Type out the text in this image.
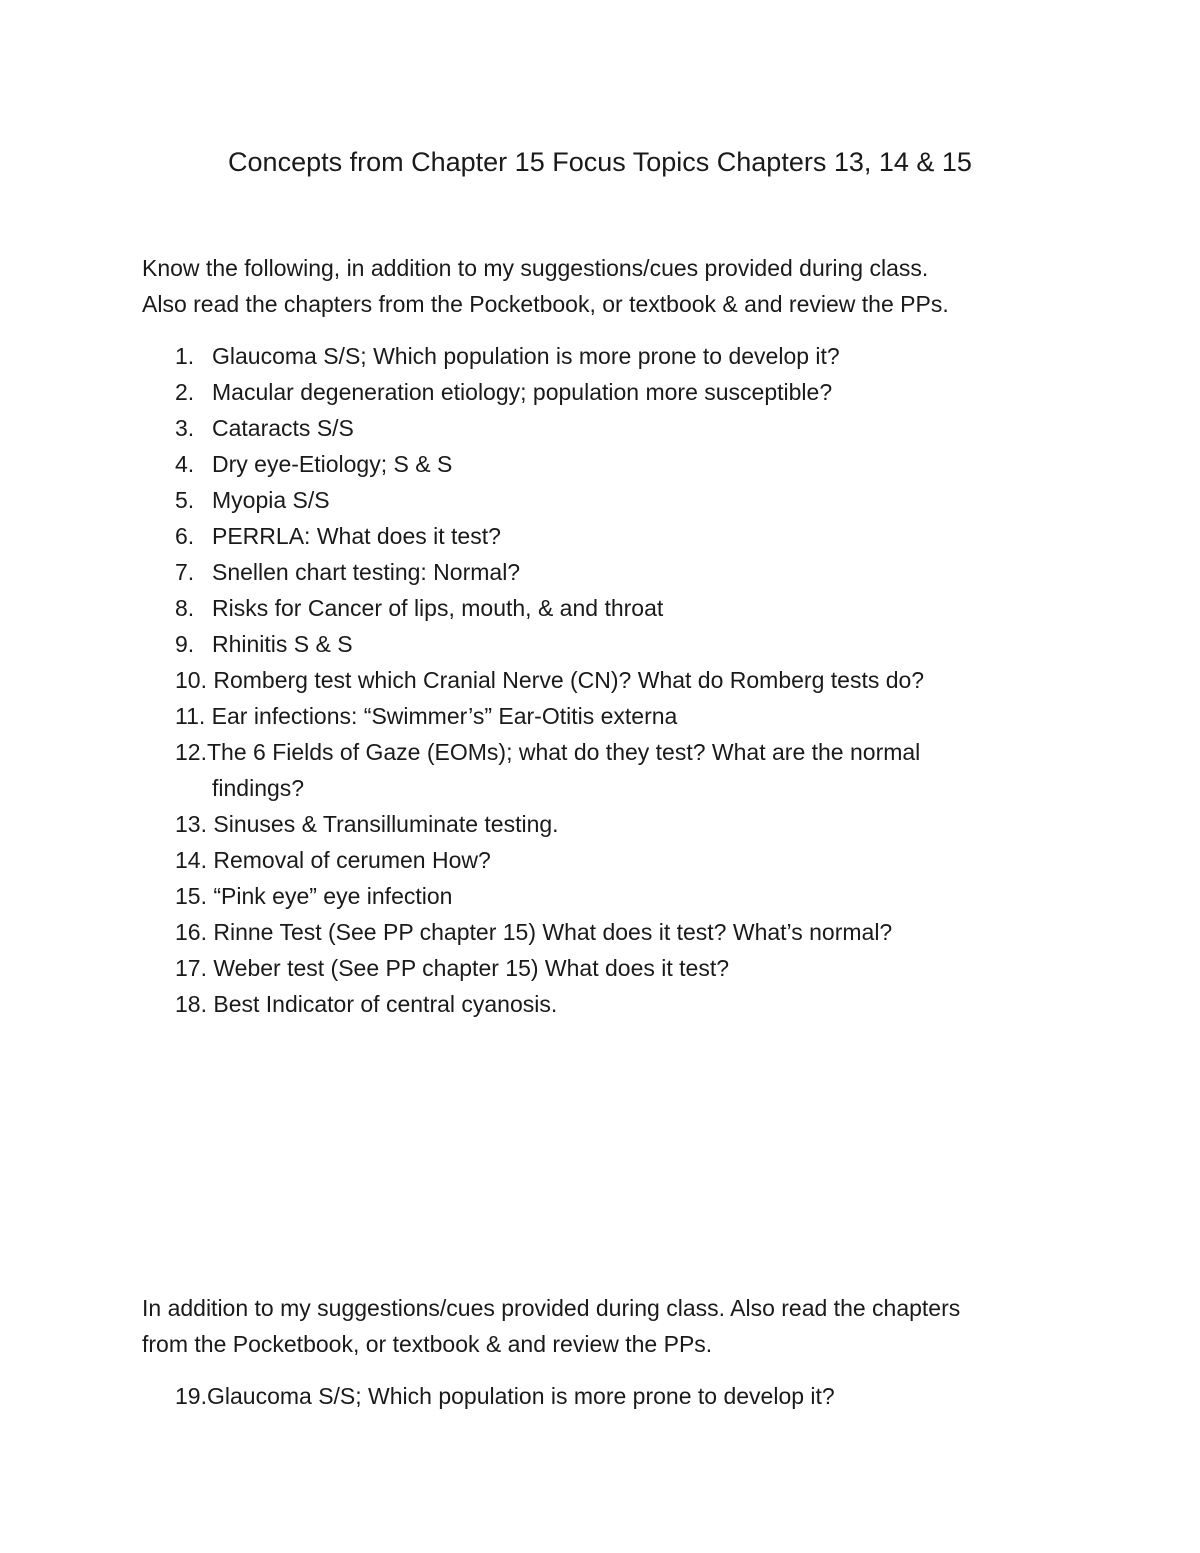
Concepts from Chapter 15 Focus Topics Chapters 13, 14 & 15

Know the following, in addition to my suggestions/cues provided during class.
Also read the chapters from the Pocketbook, or textbook & and review the PPs.

1. Glaucoma S/S; Which population is more prone to develop it?
2. Macular degeneration etiology; population more susceptible?
3. Cataracts S/S
4. Dry eye-Etiology; S & S
5. Myopia S/S
6. PERRLA: What does it test?
7. Snellen chart testing: Normal?
8. Risks for Cancer of lips, mouth, & and throat
9. Rhinitis S & S
10. Romberg test which Cranial Nerve (CN)? What do Romberg tests do?
11. Ear infections: “Swimmer’s” Ear-Otitis externa
12.The 6 Fields of Gaze (EOMs); what do they test? What are the normal
findings?
13. Sinuses & Transilluminate testing.
14. Removal of cerumen How?
15. “Pink eye” eye infection
16. Rinne Test (See PP chapter 15) What does it test? What’s normal?
17. Weber test (See PP chapter 15) What does it test?
18. Best Indicator of central cyanosis.

In addition to my suggestions/cues provided during class. Also read the chapters
from the Pocketbook, or textbook & and review the PPs.

19.Glaucoma S/S; Which population is more prone to develop it?
